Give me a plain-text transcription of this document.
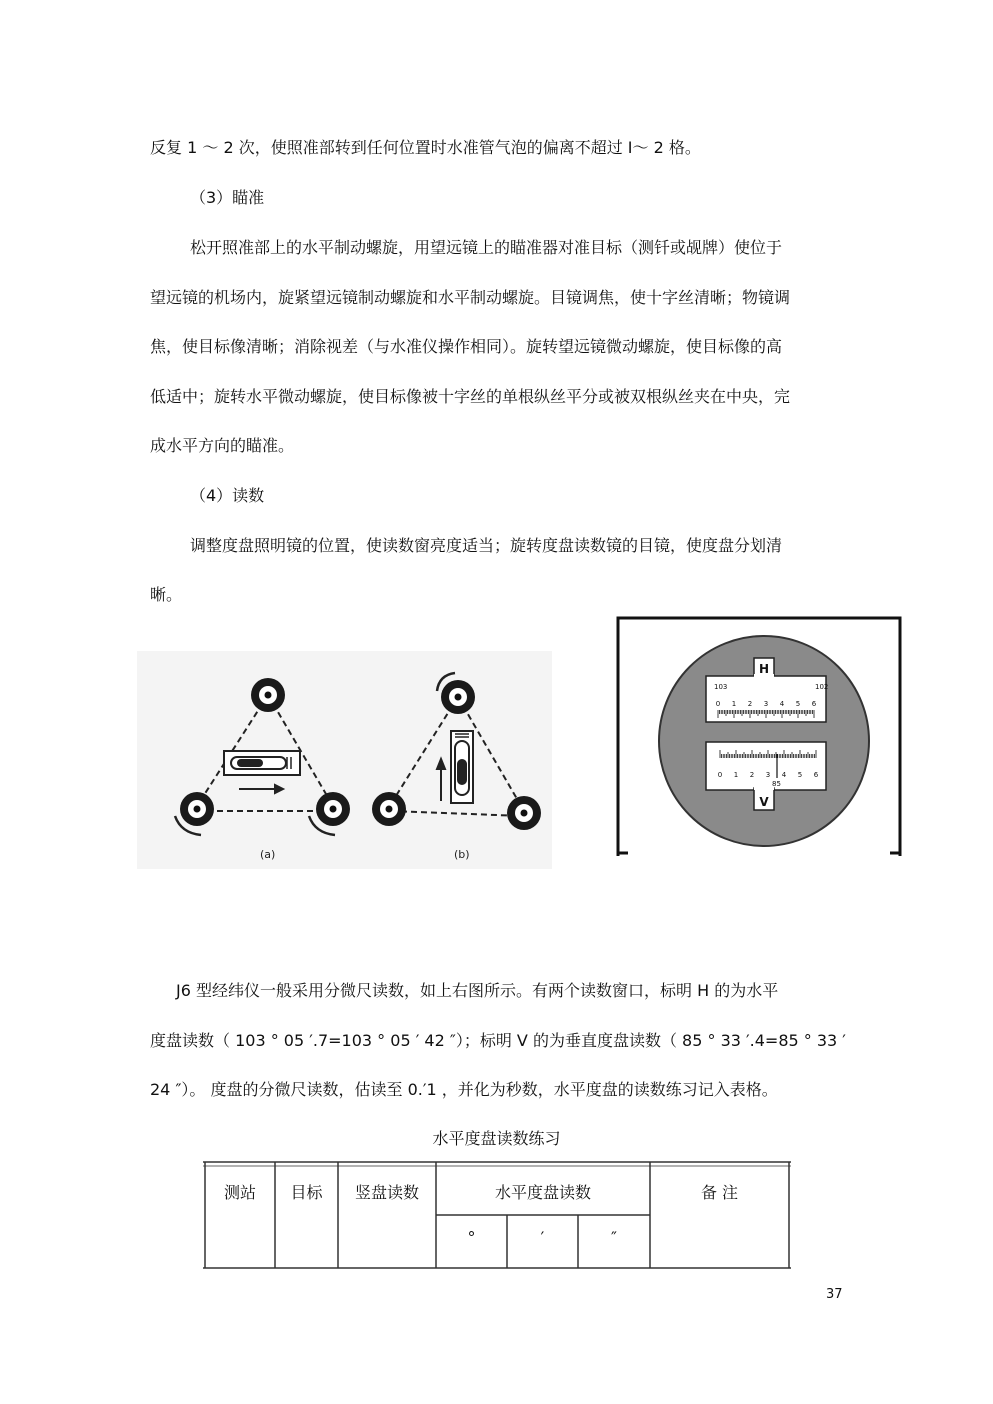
反复 1 ～ 2 次，使照准部转到任何位置时水准管气泡的偏离不超过 Ⅰ～ 2 格。
（3）瞄准
松开照准部上的水平制动螺旋，用望远镜上的瞄准器对准目标（测钎或觇牌）使位于
望远镜的机场内，旋紧望远镜制动螺旋和水平制动螺旋。目镜调焦，使十字丝清晰；物镜调
焦，使目标像清晰；消除视差（与水准仪操作相同）。旋转望远镜微动螺旋，使目标像的高
低适中；旋转水平微动螺旋，使目标像被十字丝的单根纵丝平分或被双根纵丝夹在中央，完
成水平方向的瞄准。
（4）读数
调整度盘照明镜的位置，使读数窗亮度适当；旋转度盘读数镜的目镜，使度盘分划清
晰。
(a)	(b)
H
103	102
0 1 2 3 4 5 6
V
85
0 1 2 3 4 5 6
J6 型经纬仪一般采用分微尺读数，如上右图所示。有两个读数窗口，标明 H 的为水平
度盘读数（ 103 ° 05 ′.7=103 ° 05 ′ 42 ″）；标明 V 的为垂直度盘读数（ 85 ° 33 ′.4=85 ° 33 ′
24 ″）。 度盘的分微尺读数，估读至 0.′1 ，并化为秒数，水平度盘的读数练习记入表格。
水平度盘读数练习
测站	目标	竖盘读数	水平度盘读数	备 注
°	′	″
37
